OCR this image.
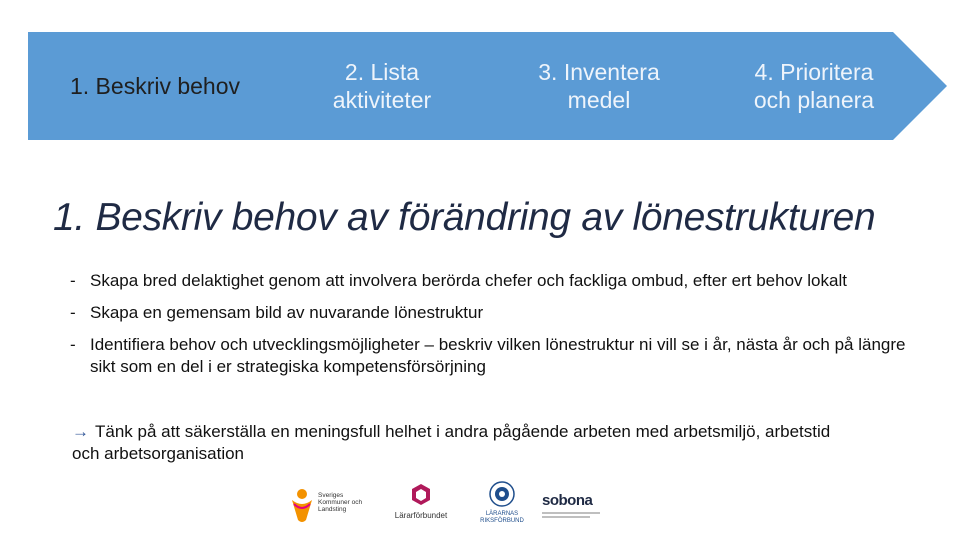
1. Beskriv behov
2. Lista
aktiviteter
3. Inventera
medel
4. Prioritera
och planera
1. Beskriv behov av förändring av lönestrukturen
- Skapa bred delaktighet genom att involvera berörda chefer och fackliga ombud, efter ert behov lokalt
- Skapa en gemensam bild av nuvarande lönestruktur
- Identifiera behov och utvecklingsmöjligheter – beskriv vilken lönestruktur ni vill se i år, nästa år och på längre sikt som en del i er strategiska kompetensförsörjning
→ Tänk på att säkerställa en meningsfull helhet i andra pågående arbeten med arbetsmiljö, arbetstid och arbetsorganisation
Sveriges Kommuner och Landsting
Lärarförbundet	LÄRARNAS RIKSFÖRBUND
sobona
